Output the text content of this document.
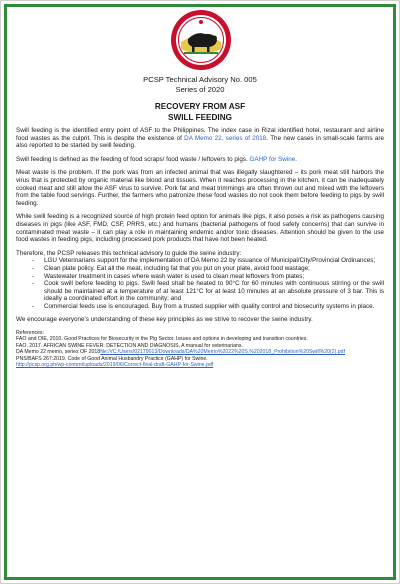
PCSP Technical Advisory No. 005
Series of 2020
RECOVERY FROM ASF
SWILL FEEDING

Swill feeding is the identified entry point of ASF to the Philippines. The index case in Rizal identified hotel, restaurant and airline food wastes as the culprit. This is despite the existence of DA Memo 22, series of 2018. The new cases in small-scale farms are also reported to be started by swill feeding.

Swill feeding is defined as the feeding of food scraps/ food waste / leftovers to pigs. GAHP for Swine.

Meat waste is the problem. If the pork was from an infected animal that was illegally slaughtered – its pork meat still harbors the virus that is protected by organic material like blood and tissues. When it reaches processing in the kitchen, it can be inadequately cooked meat and still allow the ASF virus to survive. Pork fat and meat trimmings are often thrown out and mixed with the leftovers from the table food servings. Further, the farmers who patronize these food wastes do not cook them before feeding to pigs by swill feeding.

While swill feeding is a recognized source of high protein feed option for animals like pigs, it also poses a risk as pathogens causing diseases in pigs (like ASF, FMD, CSF, PRRS, etc.) and humans (bacterial pathogens of food safety concerns) that can survive in contaminated meat waste – it can play a role in maintaining endemic and/or toxic diseases. Attention should be given to the use food wastes in feeding pigs, including processed pork products that have not been heated.

Therefore, the PCSP releases this technical advisory to guide the swine industry:

- LGU Veterinarians support for the implementation of DA Memo 22 by issuance of Municipal/City/Provincial Ordinances;
- Clean plate policy. Eat all the meat, including fat that you put on your plate, avoid food wastage;
- Wastewater treatment in cases where wash water is used to clean meat leftovers from plates;
- Cook swill before feeding to pigs. Swill feed shall be heated to 90°C for 60 minutes with continuous stirring or the swill should be maintained at a temperature of at least 121°C for at least 10 minutes at an absolute pressure of 3 bar. This is ideally a coordinated effort in the community; and
- Commercial feeds use is encouraged. Buy from a trusted supplier with quality control and biosecurity systems in place.

We encourage everyone's understanding of these key principles as we strive to recover the swine industry.

References:
FAO and OIE, 2010. Good Practices for Biosecurity in the Pig Sector. Issues and options in developing and transition countries.
FAO. 2017. AFRICAN SWINE FEVER: DETECTION AND DIAGNOSIS, A manual for veterinarians.
DA Memo 22 memo, series OF 2018file:///C:/Users/02179013/Downloads/DA%20Memo%2022%20S.%202018_Prohibition%20Swill%20(2).pdf
PNS/BAFS 267:2019. Code of Good Animal Husbandry Practice (GAHP) for Swine.
http://pcsp.org.ph/wp-content/uploads/2019/06/Correct-final-draft-GAHP-for-Swine.pdf
